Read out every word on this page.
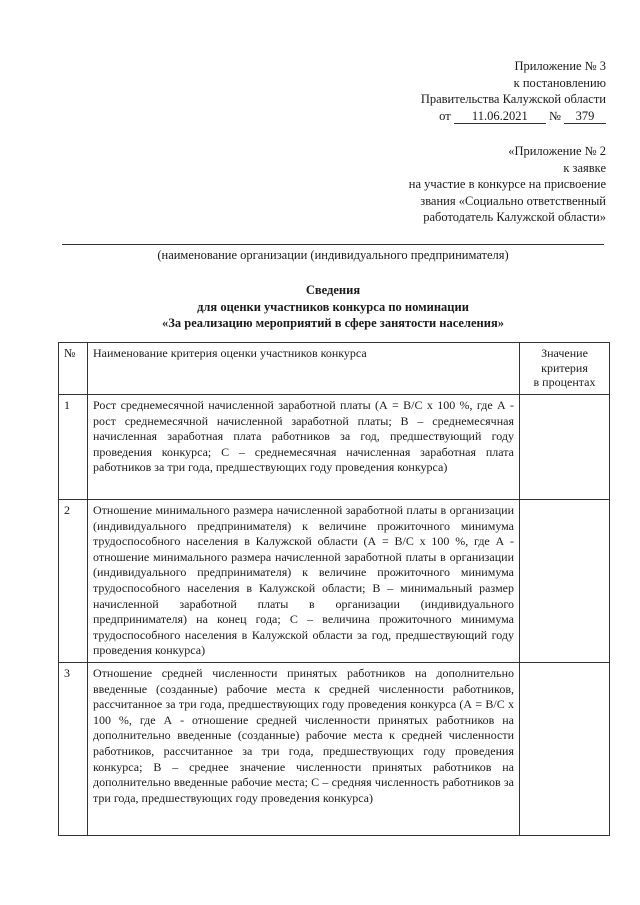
Приложение № 3
к постановлению
Правительства Калужской области
от 11.06.2021 № 379
«Приложение № 2
к заявке
на участие в конкурсе на присвоение
звания «Социально ответственный
работодатель Калужской области»
(наименование организации (индивидуального предпринимателя)
Сведения
для оценки участников конкурса по номинации
«За реализацию мероприятий в сфере занятости населения»
№	Наименование критерия оценки участников конкурса	Значение
критерия
в процентах

1	Рост среднемесячной начисленной заработной платы (А = В/С х 100 %, где А - рост среднемесячной начисленной заработной платы; В – среднемесячная начисленная заработная плата работников за год, предшествующий году проведения конкурса; С – среднемесячная начисленная заработная плата работников за три года, предшествующих году проведения конкурса)	
2	Отношение минимального размера начисленной заработной платы в организации (индивидуального предпринимателя) к величине прожиточного минимума трудоспособного населения в Калужской области (А = В/С х 100 %, где А - отношение минимального размера начисленной заработной платы в организации (индивидуального предпринимателя) к величине прожиточного минимума трудоспособного населения в Калужской области; В – минимальный размер начисленной заработной платы в организации (индивидуального предпринимателя) на конец года; С – величина прожиточного минимума трудоспособного населения в Калужской области за год, предшествующий году проведения конкурса)	
3	Отношение средней численности принятых работников на дополнительно введенные (созданные) рабочие места к средней численности работников, рассчитанное за три года, предшествующих году проведения конкурса (А = В/С х 100 %, где А - отношение средней численности принятых работников на дополнительно введенные (созданные) рабочие места к средней численности работников, рассчитанное за три года, предшествующих году проведения конкурса; В – среднее значение численности принятых работников на дополнительно введенные рабочие места; С – средняя численность работников за три года, предшествующих году проведения конкурса)	
